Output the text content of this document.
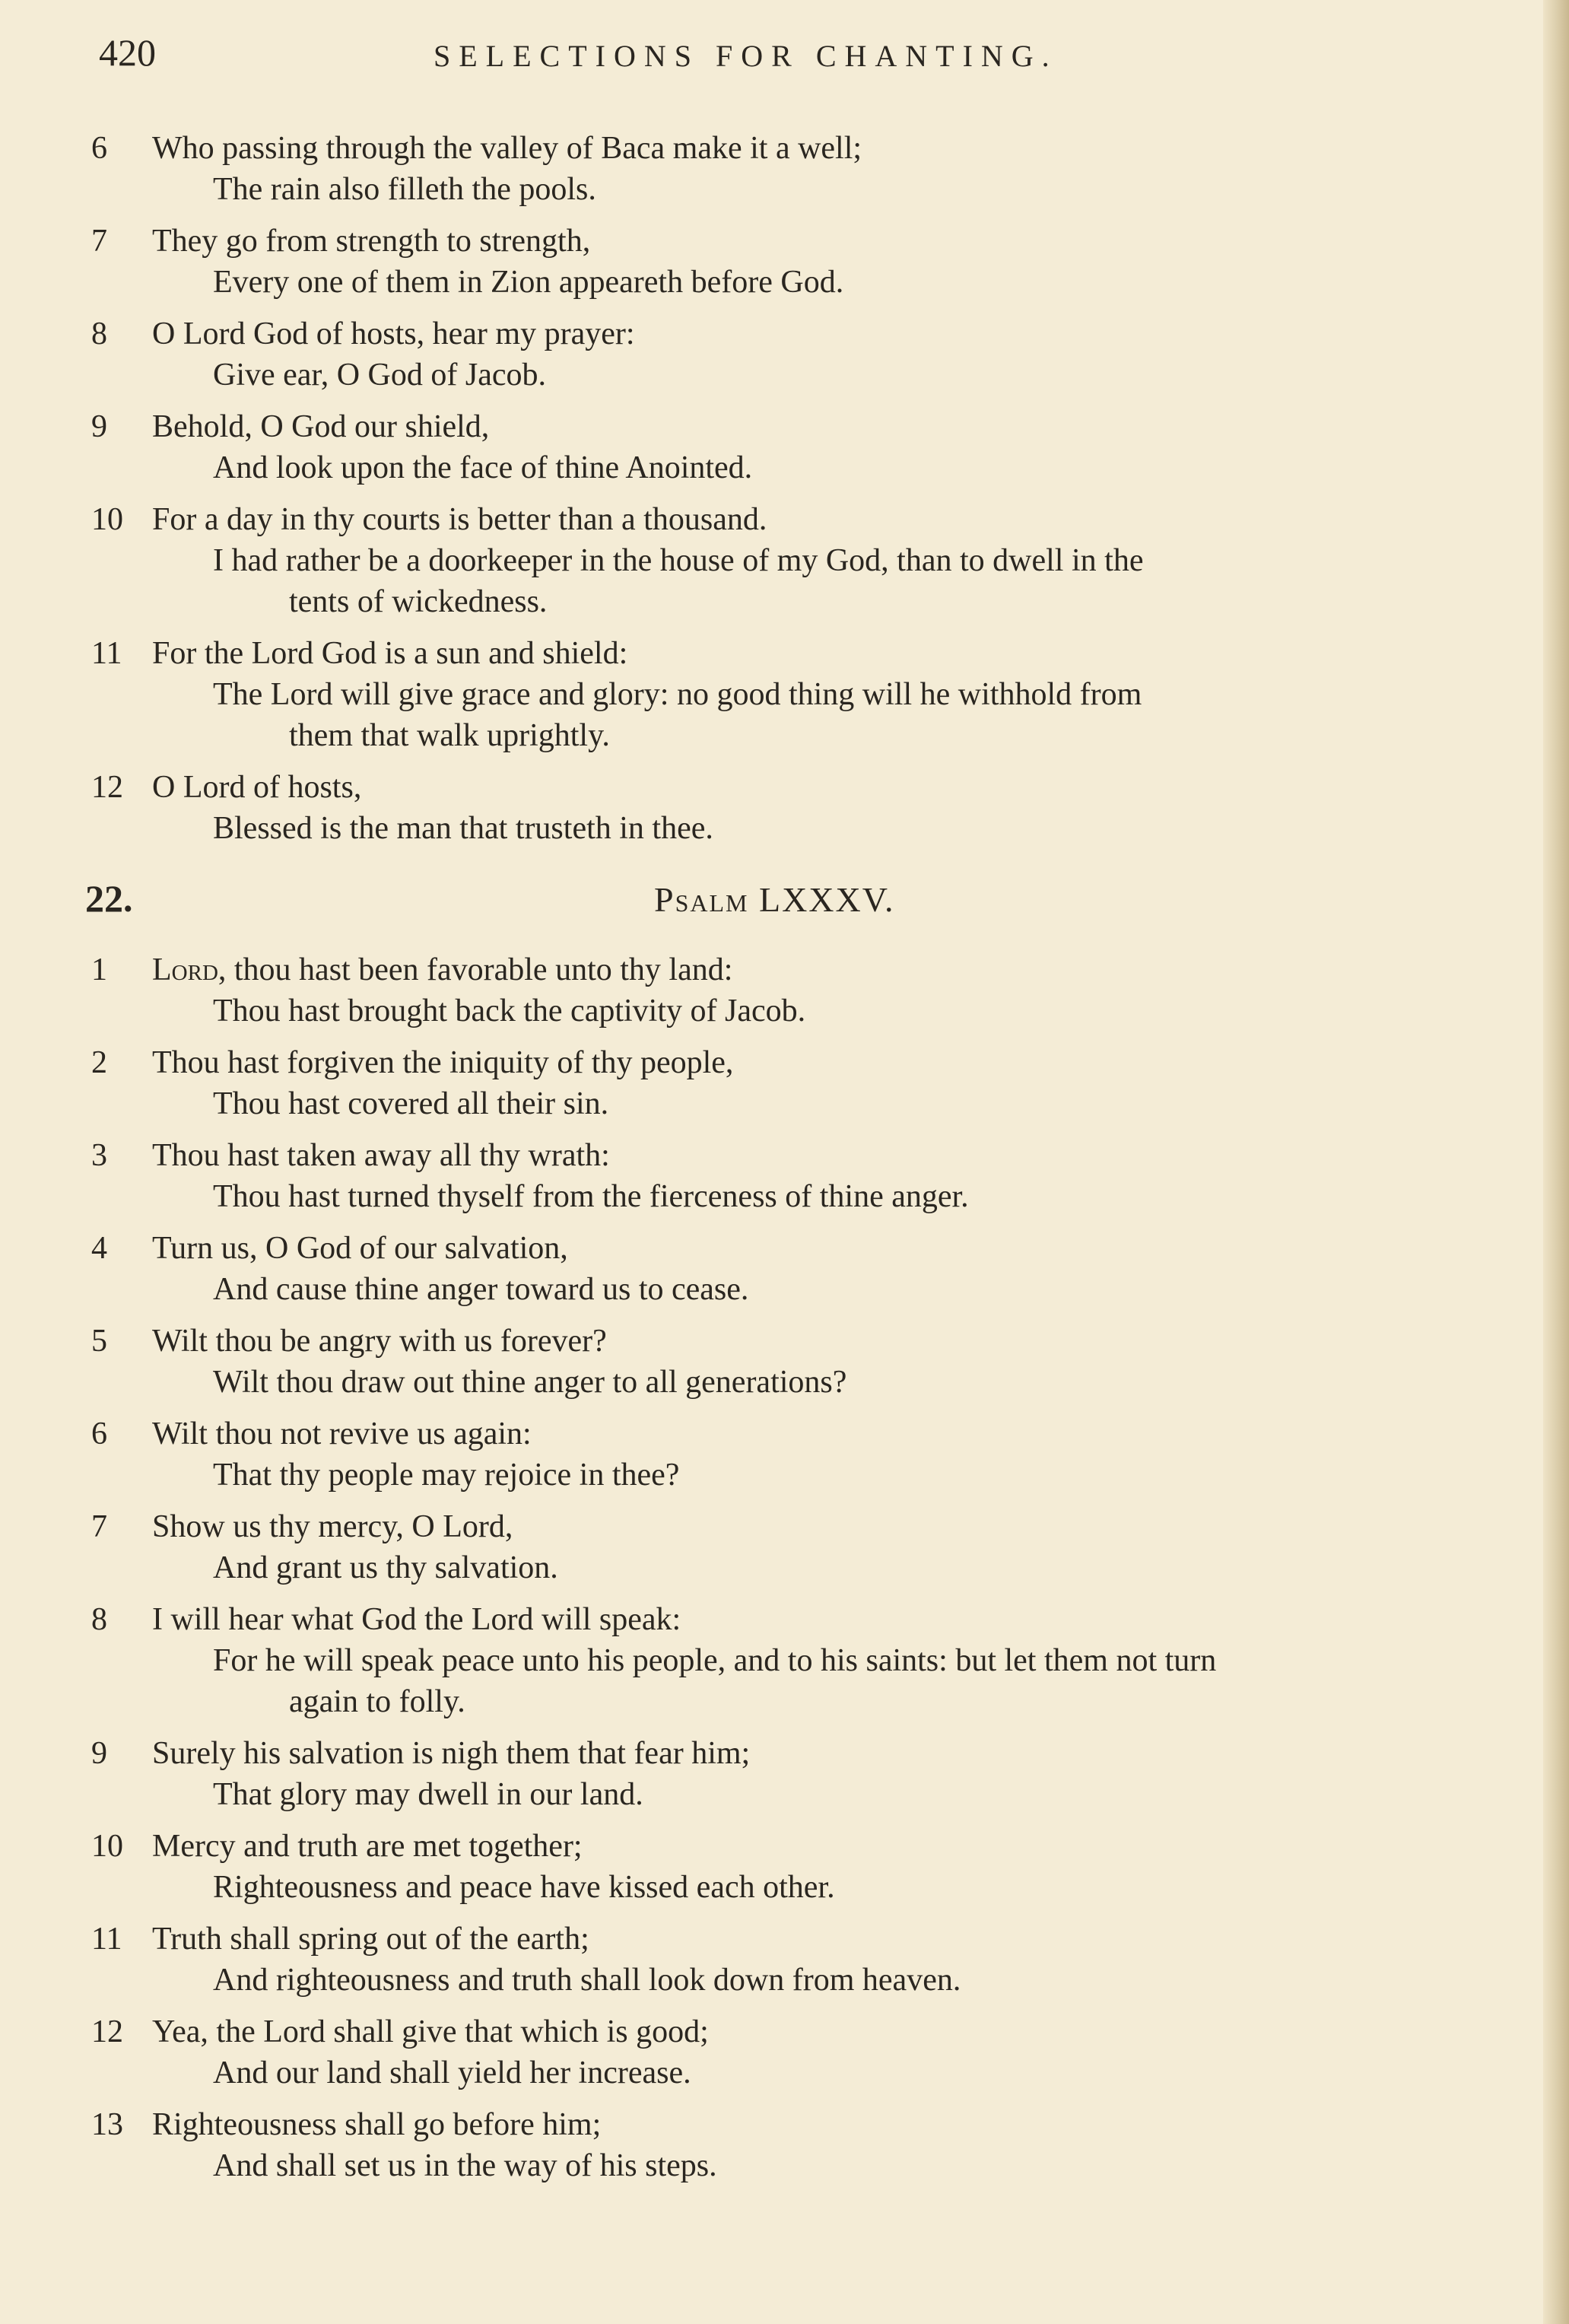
420	SELECTIONS FOR CHANTING.
6	Who passing through the valley of Baca make it a well;
The rain also filleth the pools.
7	They go from strength to strength,
Every one of them in Zion appeareth before God.
8	O Lord God of hosts, hear my prayer:
Give ear, O God of Jacob.
9	Behold, O God our shield,
And look upon the face of thine Anointed.
10 For a day in thy courts is better than a thousand.
I had rather be a doorkeeper in the house of my God, than to dwell in the
tents of wickedness.
11 For the Lord God is a sun and shield:
The Lord will give grace and glory: no good thing will he withhold from
them that walk uprightly.
12 O Lord of hosts,
Blessed is the man that trusteth in thee.
22.	Psalm LXXXV.
1	Lord, thou hast been favorable unto thy land:
Thou hast brought back the captivity of Jacob.
2	Thou hast forgiven the iniquity of thy people,
Thou hast covered all their sin.
3	Thou hast taken away all thy wrath:
Thou hast turned thyself from the fierceness of thine anger.
4	Turn us, O God of our salvation,
And cause thine anger toward us to cease.
5	Wilt thou be angry with us forever?
Wilt thou draw out thine anger to all generations?
6	Wilt thou not revive us again:
That thy people may rejoice in thee?
7	Show us thy mercy, O Lord,
And grant us thy salvation.
8	I will hear what God the Lord will speak:
For he will speak peace unto his people, and to his saints: but let them not turn
again to folly.
9	Surely his salvation is nigh them that fear him;
That glory may dwell in our land.
10 Mercy and truth are met together;
Righteousness and peace have kissed each other.
11 Truth shall spring out of the earth;
And righteousness and truth shall look down from heaven.
12 Yea, the Lord shall give that which is good;
And our land shall yield her increase.
13 Righteousness shall go before him;
And shall set us in the way of his steps.
